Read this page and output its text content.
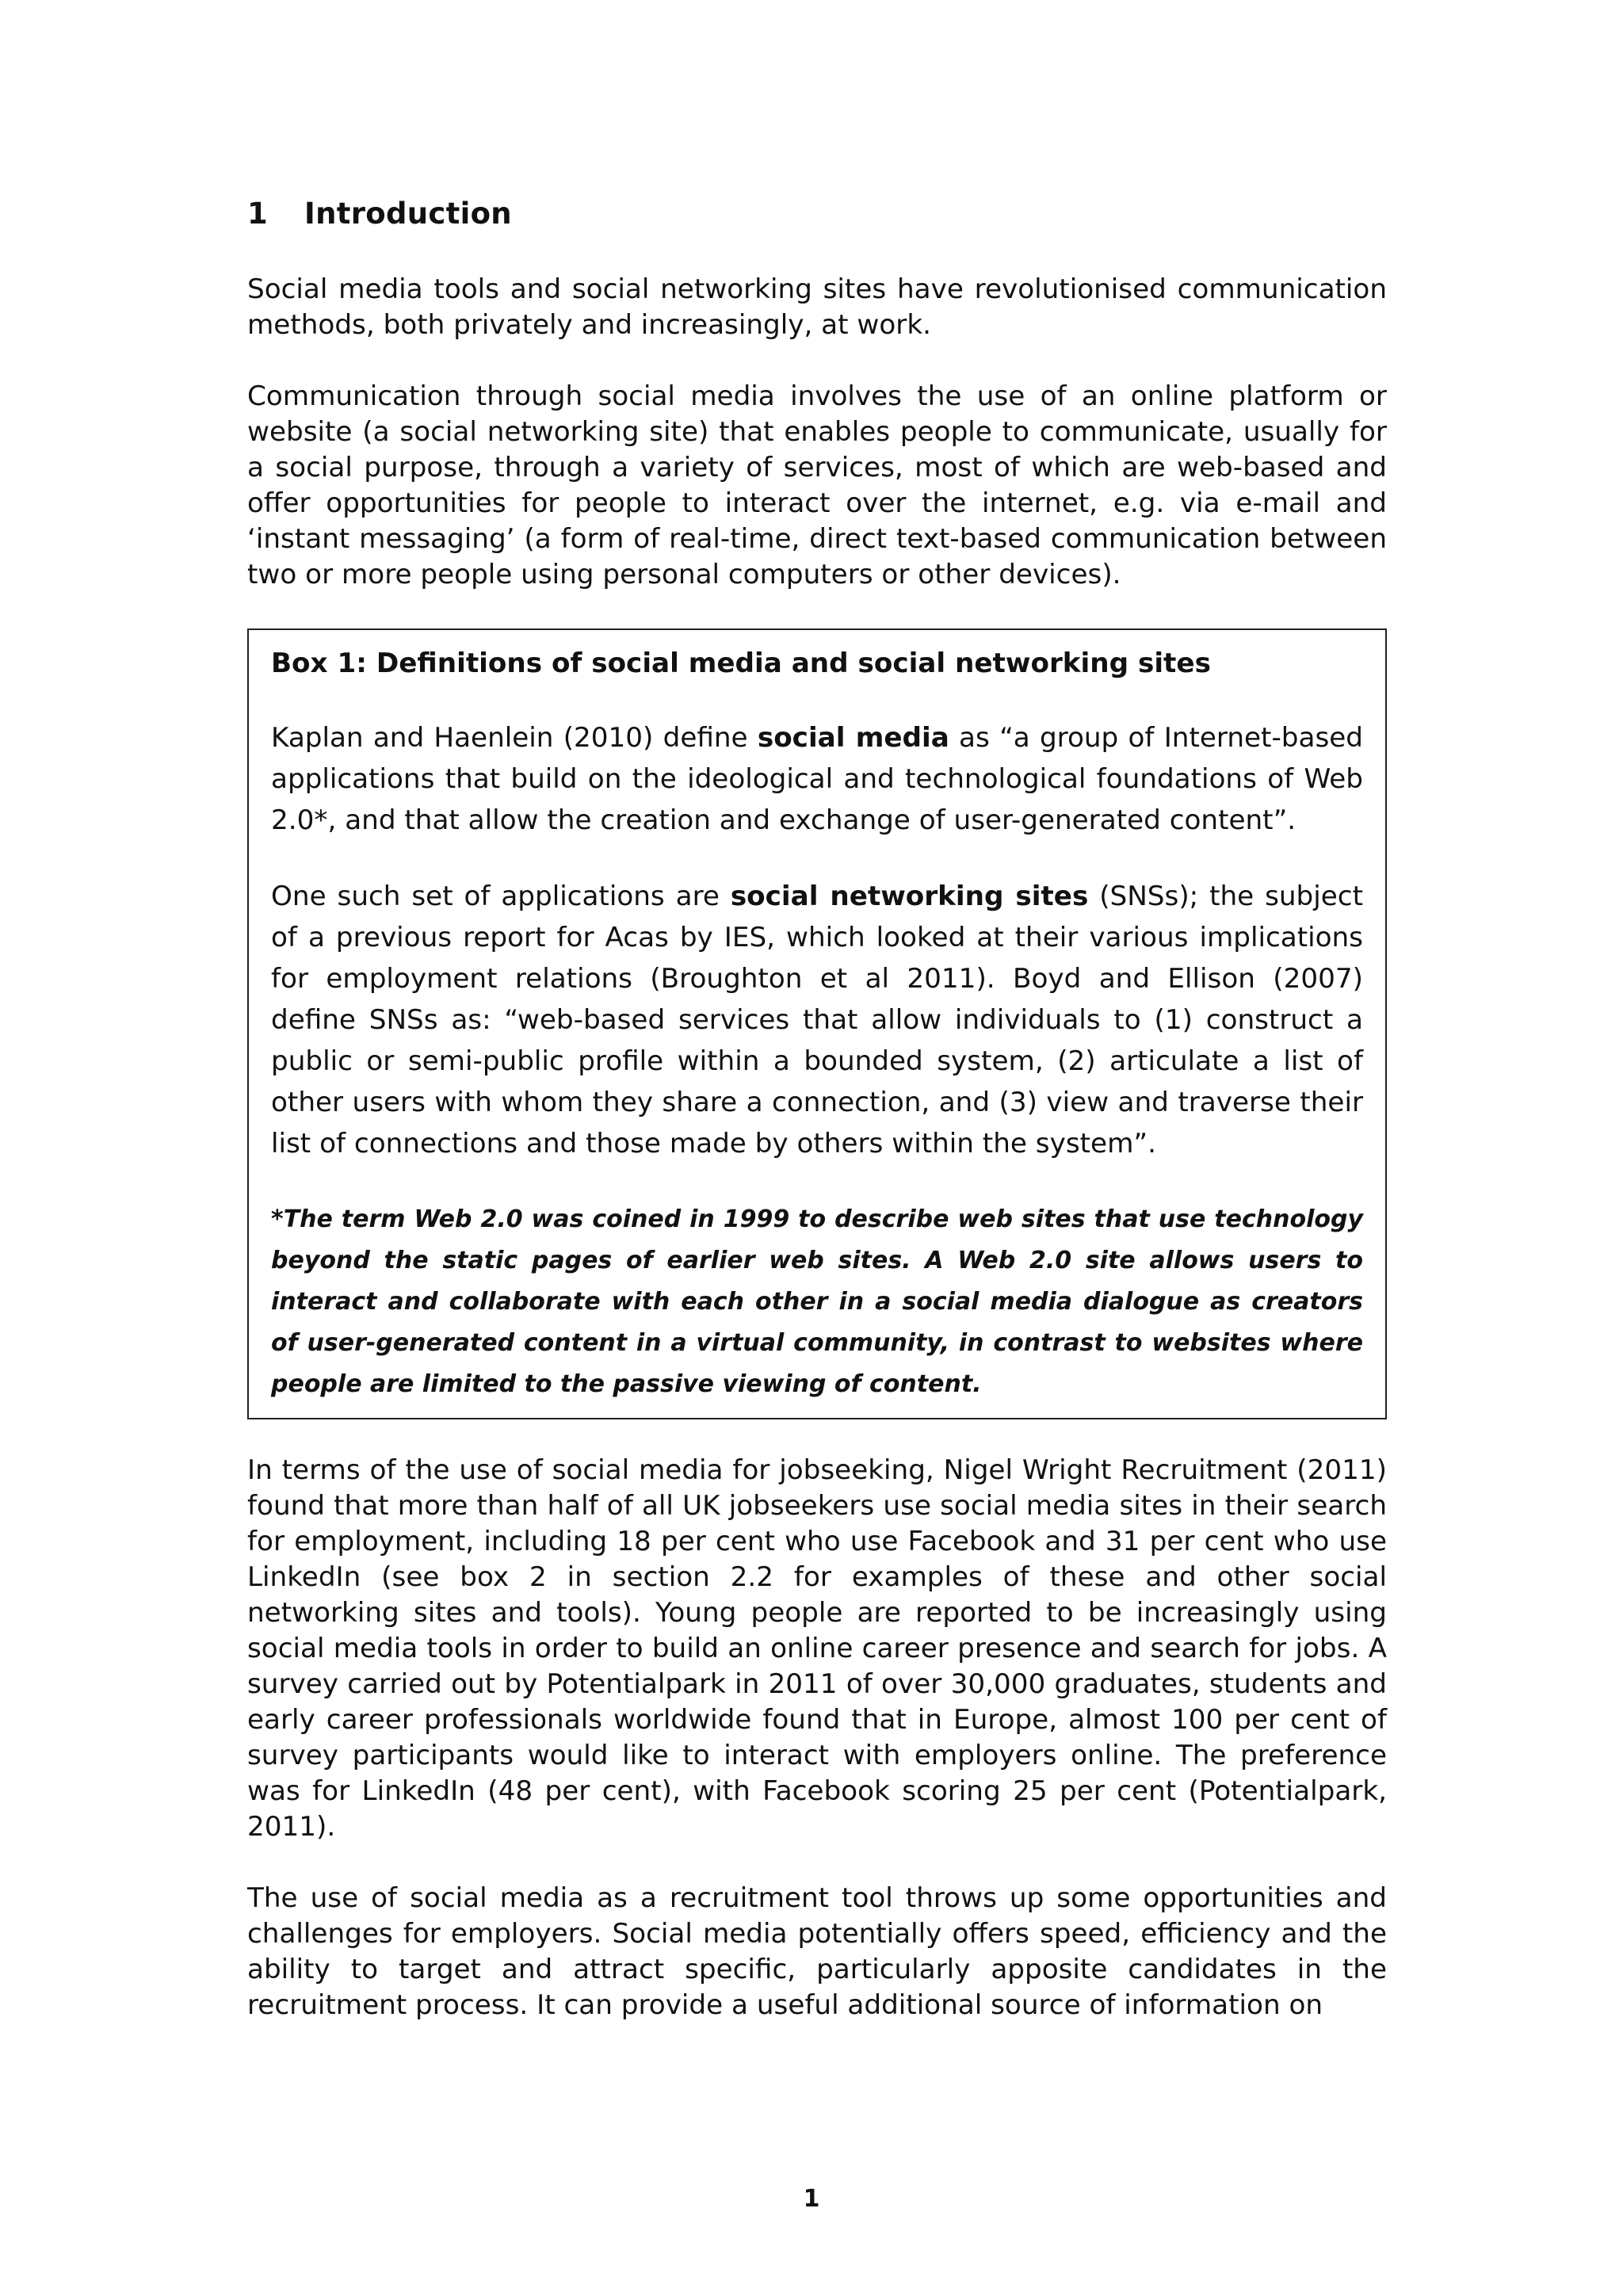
1	Introduction

Social media tools and social networking sites have revolutionised communication methods, both privately and increasingly, at work.

Communication through social media involves the use of an online platform or website (a social networking site) that enables people to communicate, usually for a social purpose, through a variety of services, most of which are web-based and offer opportunities for people to interact over the internet, e.g. via e-mail and ‘instant messaging’ (a form of real-time, direct text-based communication between two or more people using personal computers or other devices).

Box 1: Definitions of social media and social networking sites

Kaplan and Haenlein (2010) define social media as “a group of Internet-based applications that build on the ideological and technological foundations of Web 2.0*, and that allow the creation and exchange of user-generated content”.

One such set of applications are social networking sites (SNSs); the subject of a previous report for Acas by IES, which looked at their various implications for employment relations (Broughton et al 2011). Boyd and Ellison (2007) define SNSs as: “web-based services that allow individuals to (1) construct a public or semi-public profile within a bounded system, (2) articulate a list of other users with whom they share a connection, and (3) view and traverse their list of connections and those made by others within the system”.

*The term Web 2.0 was coined in 1999 to describe web sites that use technology beyond the static pages of earlier web sites. A Web 2.0 site allows users to interact and collaborate with each other in a social media dialogue as creators of user-generated content in a virtual community, in contrast to websites where people are limited to the passive viewing of content.

In terms of the use of social media for jobseeking, Nigel Wright Recruitment (2011) found that more than half of all UK jobseekers use social media sites in their search for employment, including 18 per cent who use Facebook and 31 per cent who use LinkedIn (see box 2 in section 2.2 for examples of these and other social networking sites and tools). Young people are reported to be increasingly using social media tools in order to build an online career presence and search for jobs. A survey carried out by Potentialpark in 2011 of over 30,000 graduates, students and early career professionals worldwide found that in Europe, almost 100 per cent of survey participants would like to interact with employers online. The preference was for LinkedIn (48 per cent), with Facebook scoring 25 per cent (Potentialpark, 2011).

The use of social media as a recruitment tool throws up some opportunities and challenges for employers. Social media potentially offers speed, efficiency and the ability to target and attract specific, particularly apposite candidates in the recruitment process. It can provide a useful additional source of information on

1
